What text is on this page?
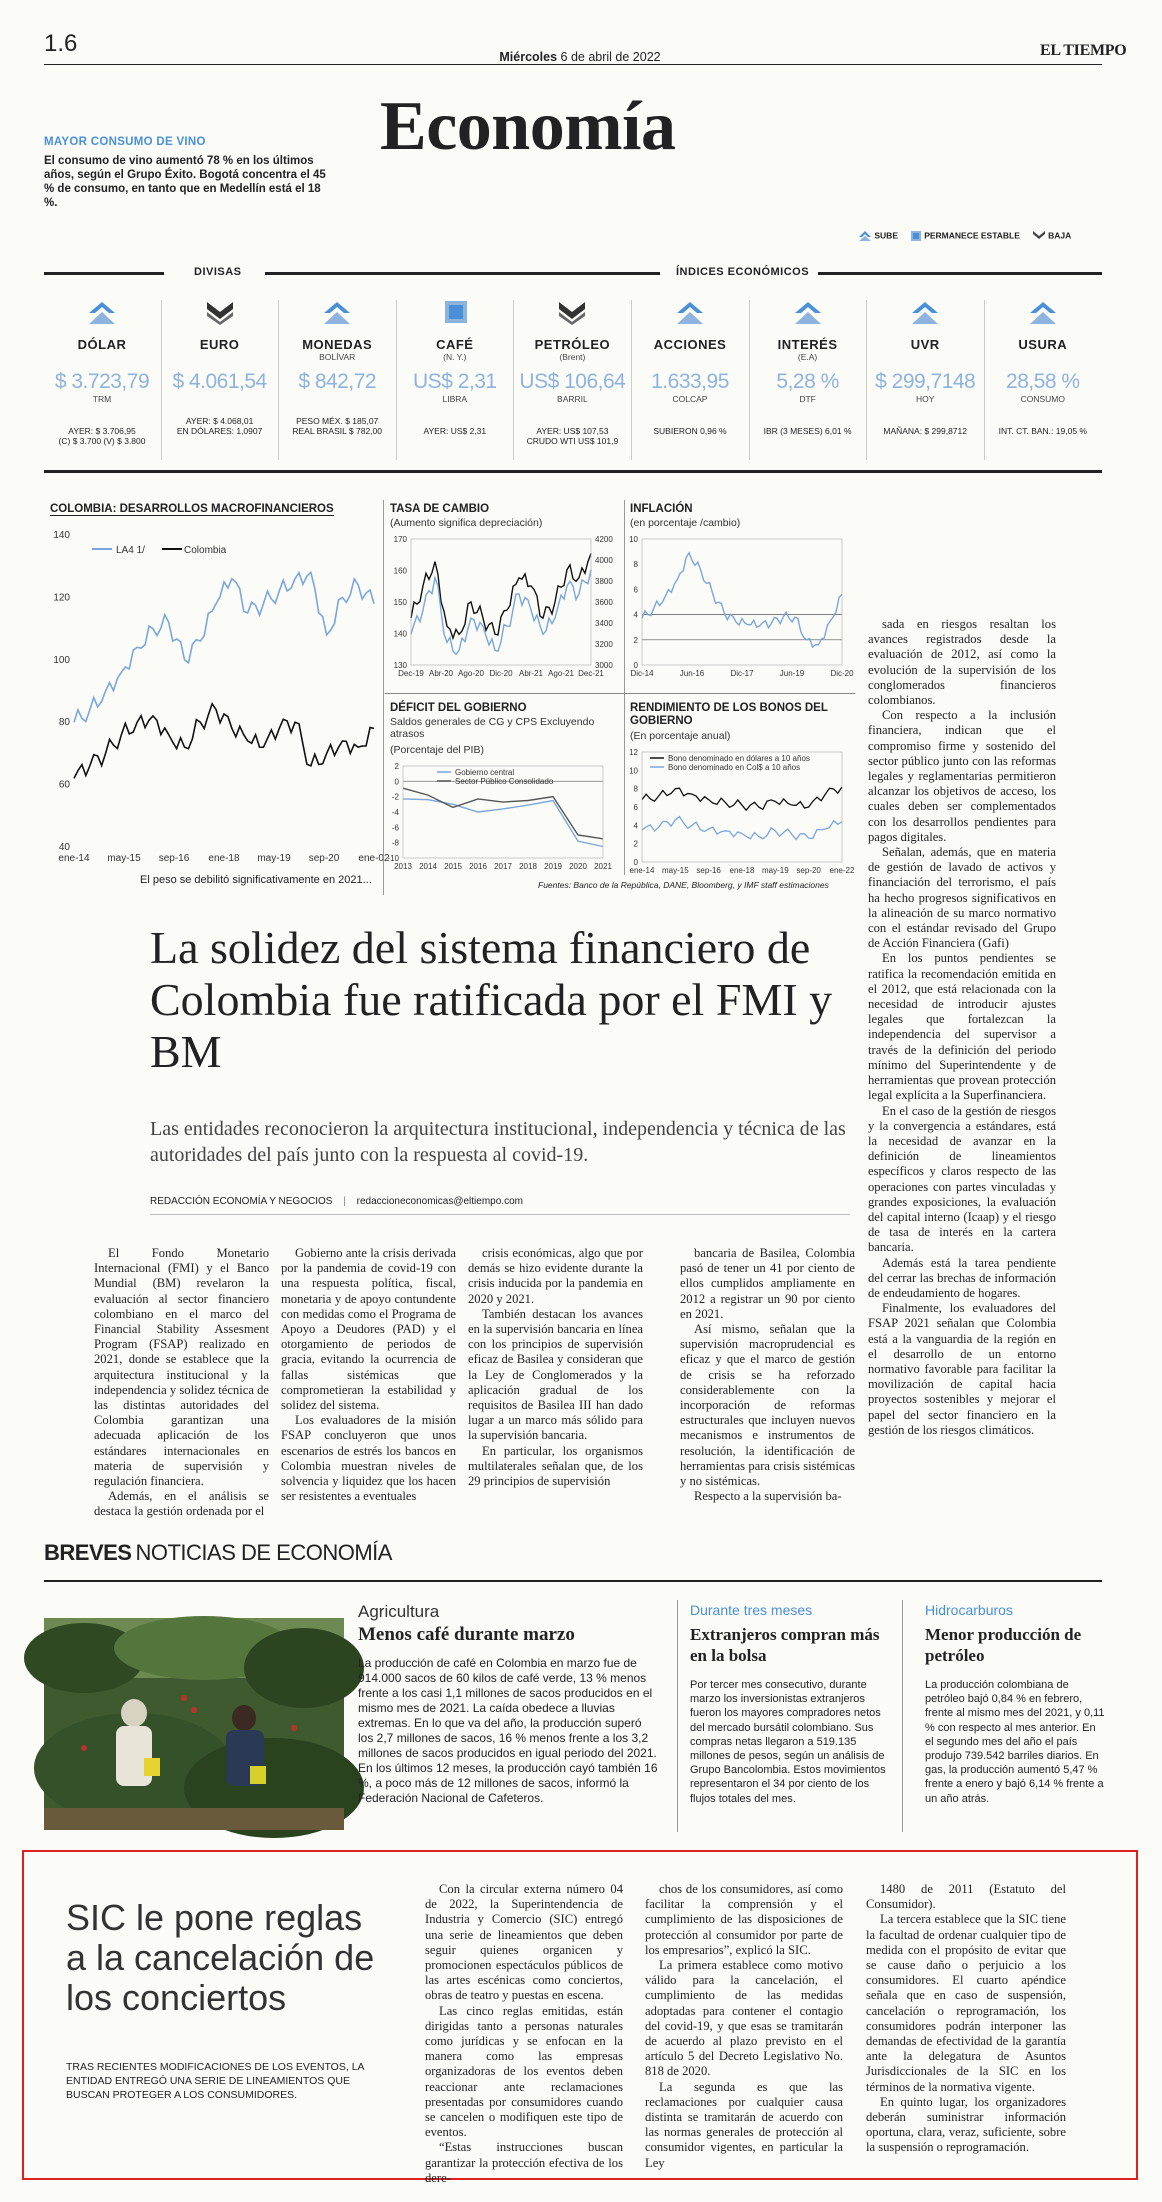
1.6	Miércoles 6 de abril de 2022	EL TIEMPO
Economía
MAYOR CONSUMO DE VINO
El consumo de vino aumentó 78 % en los últimos años, según el Grupo Éxito. Bogotá concentra el 45 % de consumo, en tanto que en Medellín está el 18 %.
SUBE	PERMANECE ESTABLE	BAJA
DIVISAS	ÍNDICES ECONÓMICOS
DÓLAR
$ 3.723,79
TRM
AYER: $ 3.706,95
(C) $ 3.700 (V) $ 3.800
EURO
$ 4.061,54
AYER: $ 4.068,01
EN DÓLARES: 1,0907
MONEDAS
BOLÍVAR
$ 842,72
PESO MÉX. $ 185,07
REAL BRASIL $ 782,00
CAFÉ
(N. Y.)
US$ 2,31
LIBRA
AYER: US$ 2,31
PETRÓLEO
(Brent)
US$ 106,64
BARRIL
AYER: US$ 107,53
CRUDO WTI US$ 101,9
ACCIONES
1.633,95
COLCAP
SUBIERON 0,96 %
INTERÉS
(E.A)
5,28 %
DTF
IBR (3 MESES) 6,01 %
UVR
$ 299,7148
HOY
MAÑANA: $ 299,8712
USURA
28,58 %
CONSUMO
INT. CT. BAN.: 19,05 %
COLOMBIA: DESARROLLOS MACROFINANCIEROS
40
60
80
100
120
140
ene-14 may-15 sep-16 ene-18 may-19 sep-20 ene-02
LA4 1/	Colombia
El peso se debilitó significativamente en 2021...
TASA DE CAMBIO
(Aumento significa depreciación)
130
140
150
160
170
3000
3200
3400
3600
3800
4000
4200
Dec-19 Abr-20 Ago-20 Dic-20 Abr-21 Ago-21 Dec-21
INFLACIÓN
(en porcentaje /cambio)
0
2
4
6
8
10
Dic-14	Jun-16	Dic-17	Jun-19	Dic-20
DÉFICIT DEL GOBIERNO
Saldos generales de CG y CPS Excluyendo atrasos
(Porcentaje del PIB)
-10
-8
-6
-4
-2
0
2
2013 2014 2015 2016 2017 2018 2019 2020 2021
Gobierno central
Sector Público Consolidado
RENDIMIENTO DE LOS BONOS DEL GOBIERNO
(En porcentaje anual)
0
2
4
6
8
10
12
ene-14 may-15 sep-16 ene-18 may-19 sep-20 ene-22
Bono denominado en dólares a 10 años
Bono denominado en Col$ a 10 años
Fuentes: Banco de la República, DANE, Bloomberg, y IMF staff estimaciones
La solidez del sistema financiero de Colombia fue ratificada por el FMI y BM
Las entidades reconocieron la arquitectura institucional, independencia y técnica de las autoridades del país junto con la respuesta al covid-19.
REDACCIÓN ECONOMÍA Y NEGOCIOS | redaccioneconomicas@eltiempo.com

El Fondo Monetario Internacional (FMI) y el Banco Mundial (BM) revelaron la evaluación al sector financiero colombiano en el marco del Financial Stability Assesment Program (FSAP) realizado en 2021, donde se establece que la arquitectura institucional y la independencia y solidez técnica de las distintas autoridades del Colombia garantizan una adecuada aplicación de los estándares internacionales en materia de supervisión y regulación financiera.

Además, en el análisis se destaca la gestión ordenada por el

Gobierno ante la crisis derivada por la pandemia de covid-19 con una respuesta política, fiscal, monetaria y de apoyo contundente con medidas como el Programa de Apoyo a Deudores (PAD) y el otorgamiento de periodos de gracia, evitando la ocurrencia de fallas sistémicas que comprometieran la estabilidad y solidez del sistema.

Los evaluadores de la misión FSAP concluyeron que unos escenarios de estrés los bancos en Colombia muestran niveles de solvencia y liquidez que los hacen ser resistentes a eventuales

crisis económicas, algo que por demás se hizo evidente durante la crisis inducida por la pandemia en 2020 y 2021.

También destacan los avances en la supervisión bancaria en línea con los principios de supervisión eficaz de Basilea y consideran que la Ley de Conglomerados y la aplicación gradual de los requisitos de Basilea III han dado lugar a un marco más sólido para la supervisión bancaria.

En particular, los organismos multilaterales señalan que, de los 29 principios de supervisión

bancaria de Basilea, Colombia pasó de tener un 41 por ciento de ellos cumplidos ampliamente en 2012 a registrar un 90 por ciento en 2021.

Así mismo, señalan que la supervisión macroprudencial es eficaz y que el marco de gestión de crisis se ha reforzado considerablemente con la incorporación de reformas estructurales que incluyen nuevos mecanismos e instrumentos de resolución, la identificación de herramientas para crisis sistémicas y no sistémicas.

Respecto a la supervisión ba-

sada en riesgos resaltan los avances registrados desde la evaluación de 2012, así como la evolución de la supervisión de los conglomerados financieros colombianos.

Con respecto a la inclusión financiera, indican que el compromiso firme y sostenido del sector público junto con las reformas legales y reglamentarias permitieron alcanzar los objetivos de acceso, los cuales deben ser complementados con los desarrollos pendientes para pagos digitales.

Señalan, además, que en materia de gestión de lavado de activos y financiación del terrorismo, el país ha hecho progresos significativos en la alineación de su marco normativo con el estándar revisado del Grupo de Acción Financiera (Gafi)

En los puntos pendientes se ratifica la recomendación emitida en el 2012, que está relacionada con la necesidad de introducir ajustes legales que fortalezcan la independencia del supervisor a través de la definición del periodo mínimo del Superintendente y de herramientas que provean protección legal explícita a la Superfinanciera.

En el caso de la gestión de riesgos y la convergencia a estándares, está la necesidad de avanzar en la definición de lineamientos específicos y claros respecto de las operaciones con partes vinculadas y grandes exposiciones, la evaluación del capital interno (Icaap) y el riesgo de tasa de interés en la cartera bancaria.

Además está la tarea pendiente del cerrar las brechas de información de endeudamiento de hogares.

Finalmente, los evaluadores del FSAP 2021 señalan que Colombia está a la vanguardia de la región en el desarrollo de un entorno normativo favorable para facilitar la movilización de capital hacia proyectos sostenibles y mejorar el papel del sector financiero en la gestión de los riesgos climáticos.

BREVES NOTICIAS DE ECONOMÍA
Agricultura
Menos café durante marzo
La producción de café en Colombia en marzo fue de 914.000 sacos de 60 kilos de café verde, 13 % menos frente a los casi 1,1 millones de sacos producidos en el mismo mes de 2021. La caída obedece a lluvias extremas. En lo que va del año, la producción superó los 2,7 millones de sacos, 16 % menos frente a los 3,2 millones de sacos producidos en igual periodo del 2021. En los últimos 12 meses, la producción cayó también 16 %, a poco más de 12 millones de sacos, informó la Federación Nacional de Cafeteros.
Durante tres meses
Extranjeros compran más en la bolsa
Por tercer mes consecutivo, durante marzo los inversionistas extranjeros fueron los mayores compradores netos del mercado bursátil colombiano. Sus compras netas llegaron a 519.135 millones de pesos, según un análisis de Grupo Bancolombia. Estos movimientos representaron el 34 por ciento de los flujos totales del mes.
Hidrocarburos
Menor producción de petróleo
La producción colombiana de petróleo bajó 0,84 % en febrero, frente al mismo mes del 2021, y 0,11 % con respecto al mes anterior. En el segundo mes del año el país produjo 739.542 barriles diarios. En gas, la producción aumentó 5,47 % frente a enero y bajó 6,14 % frente a un año atrás.
SIC le pone reglas a la cancelación de los conciertos
TRAS RECIENTES MODIFICACIONES DE LOS EVENTOS, LA ENTIDAD ENTREGÓ UNA SERIE DE LINEAMIENTOS QUE BUSCAN PROTEGER A LOS CONSUMIDORES.

Con la circular externa número 04 de 2022, la Superintendencia de Industria y Comercio (SIC) entregó una serie de lineamientos que deben seguir quienes organicen y promocionen espectáculos públicos de las artes escénicas como conciertos, obras de teatro y puestas en escena.

Las cinco reglas emitidas, están dirigidas tanto a personas naturales como jurídicas y se enfocan en la manera como las empresas organizadoras de los eventos deben reaccionar ante reclamaciones presentadas por consumidores cuando se cancelen o modifiquen este tipo de eventos.

“Estas instrucciones buscan garantizar la protección efectiva de los dere-

chos de los consumidores, así como facilitar la comprensión y el cumplimiento de las disposiciones de protección al consumidor por parte de los empresarios”, explicó la SIC.

La primera establece como motivo válido para la cancelación, el cumplimiento de las medidas adoptadas para contener el contagio del covid-19, y que esas se tramitarán de acuerdo al plazo previsto en el artículo 5 del Decreto Legislativo No. 818 de 2020.

La segunda es que las reclamaciones por cualquier causa distinta se tramitarán de acuerdo con las normas generales de protección al consumidor vigentes, en particular la Ley

1480 de 2011 (Estatuto del Consumidor).

La tercera establece que la SIC tiene la facultad de ordenar cualquier tipo de medida con el propósito de evitar que se cause daño o perjuicio a los consumidores. El cuarto apéndice señala que en caso de suspensión, cancelación o reprogramación, los consumidores podrán interponer las demandas de efectividad de la garantía ante la delegatura de Asuntos Jurisdiccionales de la SIC en los términos de la normativa vigente.

En quinto lugar, los organizadores deberán suministrar información oportuna, clara, veraz, suficiente, sobre la suspensión o reprogramación.
